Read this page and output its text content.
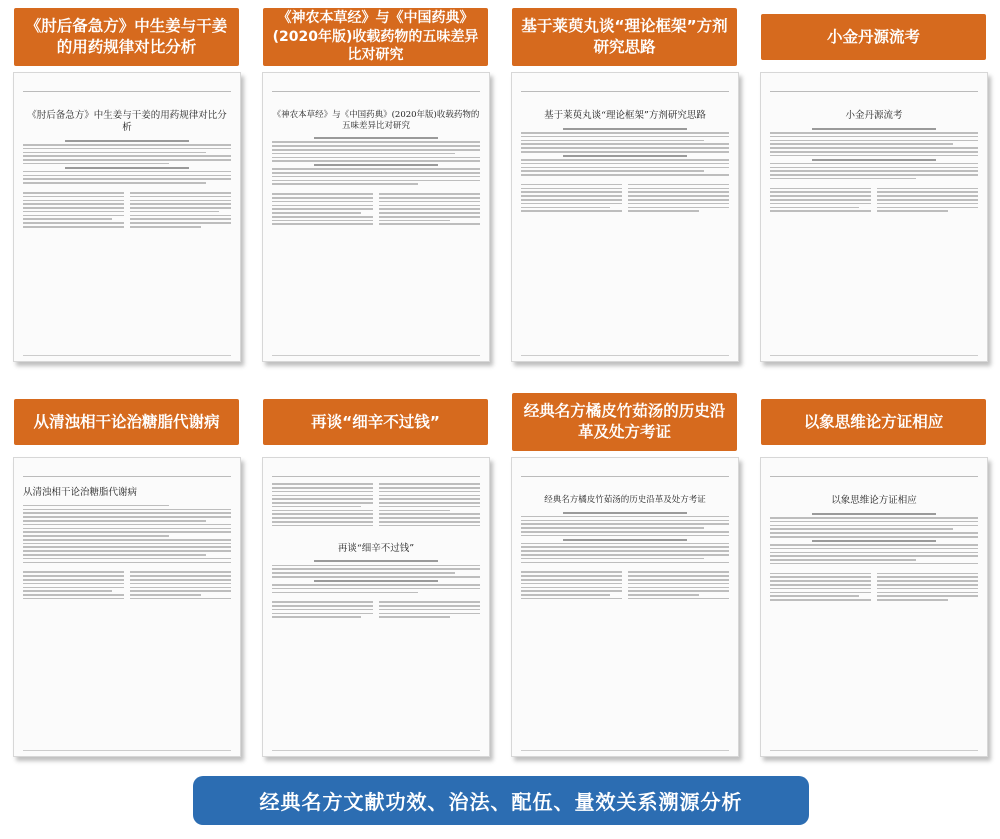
《肘后备急方》中生姜与干姜的用药规律对比分析
《肘后备急方》中生姜与干姜的用药规律对比分析
《神农本草经》与《中国药典》(2020年版)收载药物的五味差异比对研究
《神农本草经》与《中国药典》(2020年版)收载药物的五味差异比对研究
基于莱萸丸谈“理论框架”方剂研究思路
基于莱萸丸谈“理论框架”方剂研究思路
小金丹源流考
小金丹源流考
从清浊相干论治糖脂代谢病
从清浊相干论治糖脂代谢病
再谈“细辛不过钱”
再谈“细辛不过钱”
经典名方橘皮竹茹汤的历史沿革及处方考证
经典名方橘皮竹茹汤的历史沿革及处方考证
以象思维论方证相应
以象思维论方证相应
经典名方文献功效、治法、配伍、量效关系溯源分析
